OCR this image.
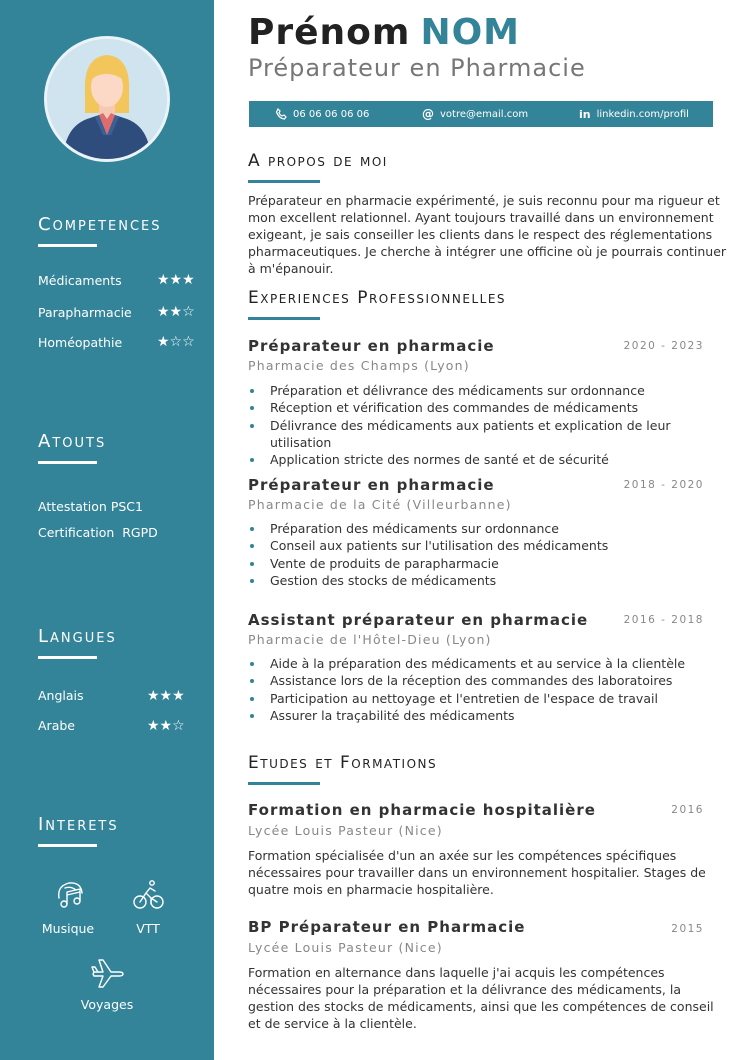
Competences
Médicaments	★★★
Parapharmacie ★★☆
Homéopathie ★☆☆
Atouts
Attestation PSC1
Certification  RGPD
Langues
Anglais	★★★
Arabe	★★☆
Interets
Musique	VTT
Voyages
Prénom NOM
Préparateur en Pharmacie
06 06 06 06 06	@ votre@email.com	in linkedin.com/profil
A propos de moi
Préparateur en pharmacie expérimenté, je suis reconnu pour ma rigueur et mon excellent relationnel. Ayant toujours travaillé dans un environnement exigeant, je sais conseiller les clients dans le respect des réglementations pharmaceutiques. Je cherche à intégrer une officine où je pourrais continuer à m'épanouir.
Experiences Professionnelles
Préparateur en pharmacie	2020 - 2023
Pharmacie des Champs (Lyon)
Préparation et délivrance des médicaments sur ordonnance
Réception et vérification des commandes de médicaments
Délivrance des médicaments aux patients et explication de leur utilisation
Application stricte des normes de santé et de sécurité
Préparateur en pharmacie	2018 - 2020
Pharmacie de la Cité (Villeurbanne)
Préparation des médicaments sur ordonnance
Conseil aux patients sur l'utilisation des médicaments
Vente de produits de parapharmacie
Gestion des stocks de médicaments
Assistant préparateur en pharmacie	2016 - 2018
Pharmacie de l'Hôtel-Dieu (Lyon)
Aide à la préparation des médicaments et au service à la clientèle
Assistance lors de la réception des commandes des laboratoires
Participation au nettoyage et l'entretien de l'espace de travail
Assurer la traçabilité des médicaments
Etudes et Formations
Formation en pharmacie hospitalière	2016
Lycée Louis Pasteur (Nice)
Formation spécialisée d'un an axée sur les compétences spécifiques nécessaires pour travailler dans un environnement hospitalier. Stages de quatre mois en pharmacie hospitalière.
BP Préparateur en Pharmacie	2015
Lycée Louis Pasteur (Nice)
Formation en alternance dans laquelle j'ai acquis les compétences nécessaires pour la préparation et la délivrance des médicaments, la gestion des stocks de médicaments, ainsi que les compétences de conseil et de service à la clientèle.
